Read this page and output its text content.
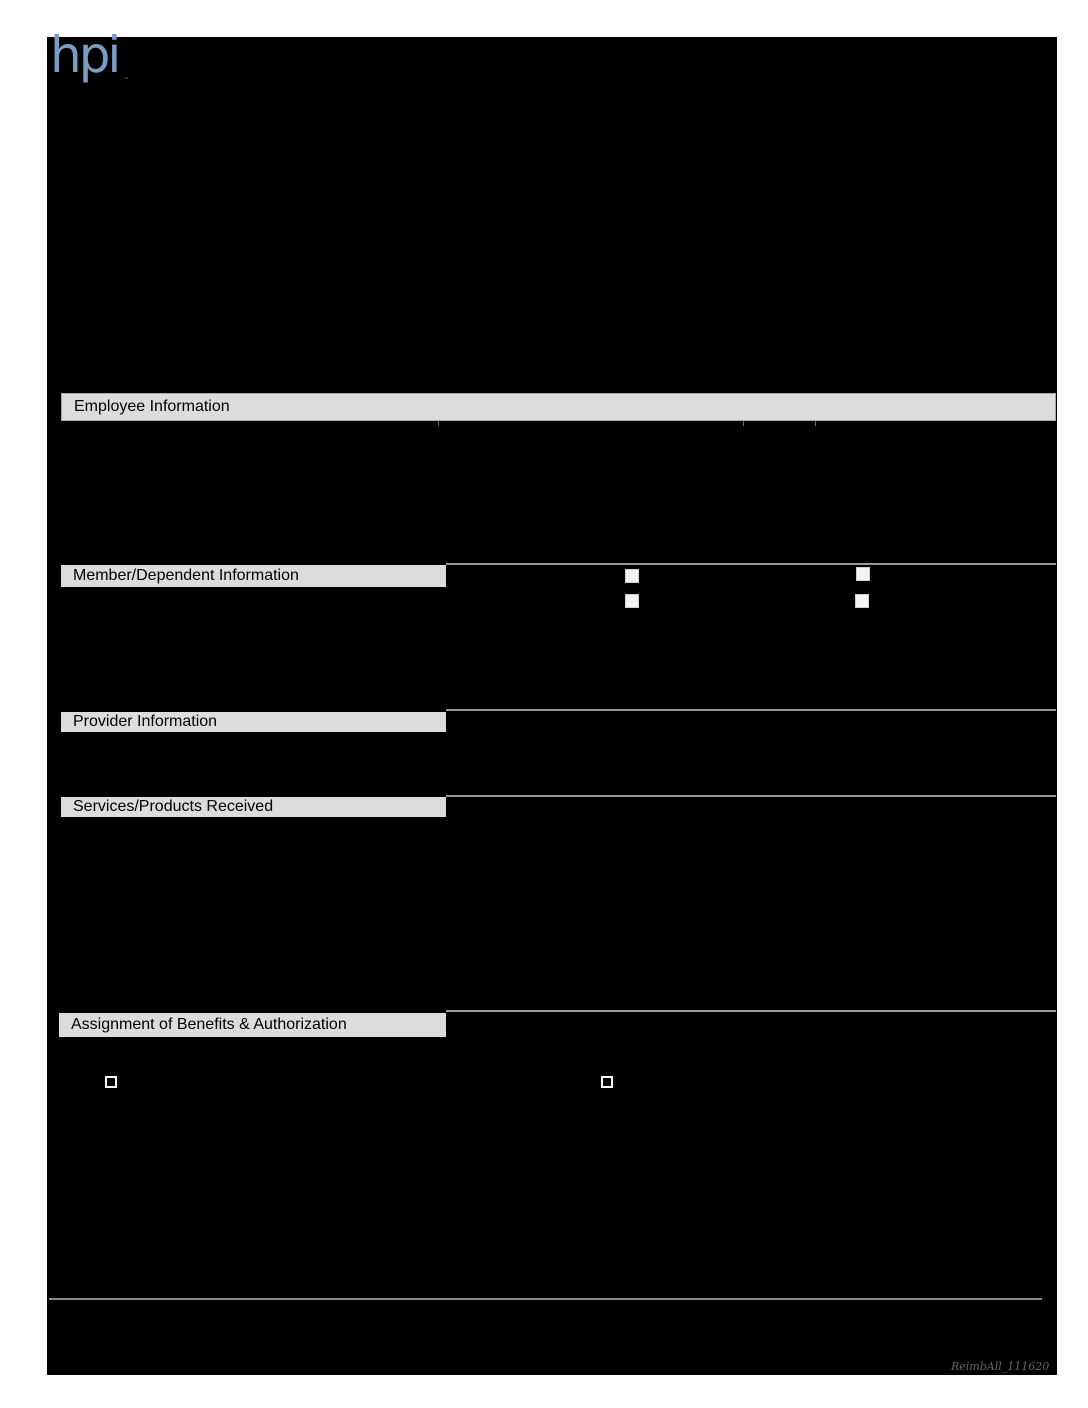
hpi ™
Employee Information
Member/Dependent Information
Provider Information
Services/Products Received
Assignment of Benefits & Authorization
ReimbAll_111620
